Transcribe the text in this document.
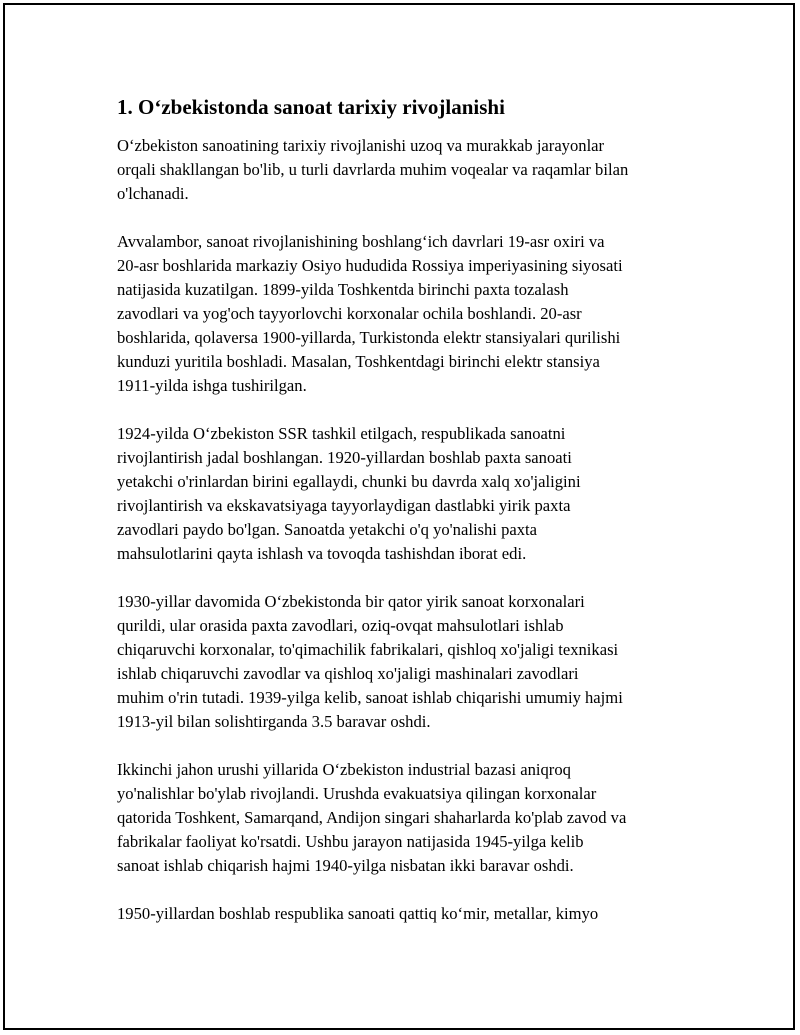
1. O‘zbekistonda sanoat tarixiy rivojlanishi

O‘zbekiston sanoatining tarixiy rivojlanishi uzoq va murakkab jarayonlar
orqali shakllangan bo'lib, u turli davrlarda muhim voqealar va raqamlar bilan
o'lchanadi.

Avvalambor, sanoat rivojlanishining boshlang‘ich davrlari 19-asr oxiri va
20-asr boshlarida markaziy Osiyo hududida Rossiya imperiyasining siyosati
natijasida kuzatilgan. 1899-yilda Toshkentda birinchi paxta tozalash
zavodlari va yog'och tayyorlovchi korxonalar ochila boshlandi. 20-asr
boshlarida, qolaversa 1900-yillarda, Turkistonda elektr stansiyalari qurilishi
kunduzi yuritila boshladi. Masalan, Toshkentdagi birinchi elektr stansiya
1911-yilda ishga tushirilgan.

1924-yilda O‘zbekiston SSR tashkil etilgach, respublikada sanoatni
rivojlantirish jadal boshlangan. 1920-yillardan boshlab paxta sanoati
yetakchi o'rinlardan birini egallaydi, chunki bu davrda xalq xo'jaligini
rivojlantirish va ekskavatsiyaga tayyorlaydigan dastlabki yirik paxta
zavodlari paydo bo'lgan. Sanoatda yetakchi o'q yo'nalishi paxta
mahsulotlarini qayta ishlash va tovoqda tashishdan iborat edi.

1930-yillar davomida O‘zbekistonda bir qator yirik sanoat korxonalari
qurildi, ular orasida paxta zavodlari, oziq-ovqat mahsulotlari ishlab
chiqaruvchi korxonalar, to'qimachilik fabrikalari, qishloq xo'jaligi texnikasi
ishlab chiqaruvchi zavodlar va qishloq xo'jaligi mashinalari zavodlari
muhim o'rin tutadi. 1939-yilga kelib, sanoat ishlab chiqarishi umumiy hajmi
1913-yil bilan solishtirganda 3.5 baravar oshdi.

Ikkinchi jahon urushi yillarida O‘zbekiston industrial bazasi aniqroq
yo'nalishlar bo'ylab rivojlandi. Urushda evakuatsiya qilingan korxonalar
qatorida Toshkent, Samarqand, Andijon singari shaharlarda ko'plab zavod va
fabrikalar faoliyat ko'rsatdi. Ushbu jarayon natijasida 1945-yilga kelib
sanoat ishlab chiqarish hajmi 1940-yilga nisbatan ikki baravar oshdi.

1950-yillardan boshlab respublika sanoati qattiq ko‘mir, metallar, kimyo
